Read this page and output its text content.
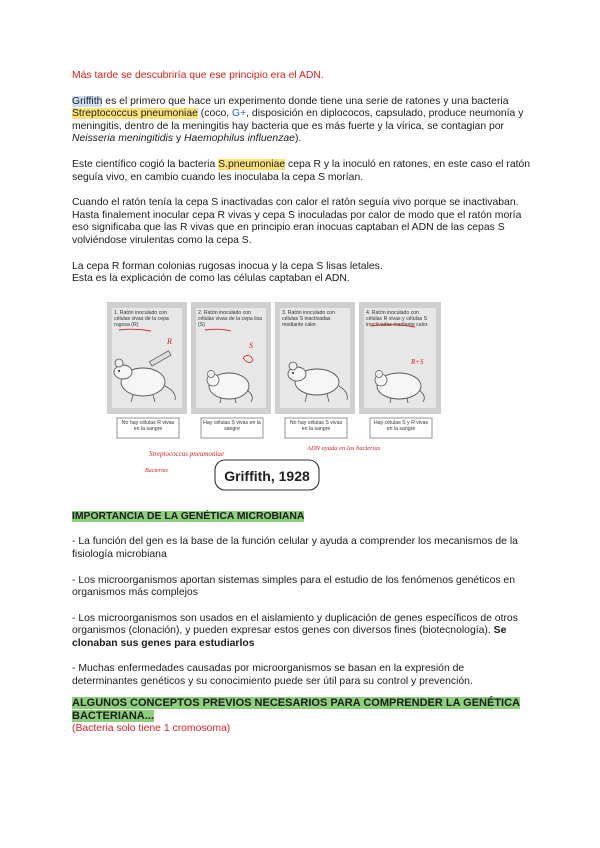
Más tarde se descubriría que ese principio era el ADN.

Griffith es el primero que hace un experimento donde tiene una serie de ratones y una bacteria Streptococcus pneumoniae (coco, G+, disposición en diplococos, capsulado, produce neumonía y meningitis, dentro de la meningitis hay bacteria que es más fuerte y la vírica, se contagian por Neisseria meningitidis y Haemophilus influenzae).

Este científico cogió la bacteria S.pneumoniae cepa R y la inoculó en ratones, en este caso el ratón seguía vivo, en cambio cuando les inoculaba la cepa S morían.

Cuando el ratón tenía la cepa S inactivadas con calor el ratón seguía vivo porque se inactivaban.

Hasta finalement inocular cepa R vivas y cepa S inoculadas por calor de modo que el ratón moría eso significaba que las R vivas que en principio eran inocuas captaban el ADN de las cepas S volviéndose virulentas como la cepa S.

La cepa R forman colonias rugosas inocua y la cepa S lisas letales.

Esta es la explicación de como las células captaban el ADN.

1. Ratón inoculado con células vivas de la cepa rugosa (R)
2. Ratón inoculado con células vivas de la cepa lisa (S)
3. Ratón inoculado con células S inactivadas mediante calor.
4. Ratón inoculado con células R vivas y células S inactivadas mediante calor.
R	S
R+S
No hay células R vivas en la sangre
Hay células S vivas en la sangre
No hay células S vivas en la sangre
Hay células S y R vivas en la sangre
Streptococcus pneumoniae
Bacterias
ADN ayuda en las bacterias
Griffith, 1928

IMPORTANCIA DE LA GENÉTICA MICROBIANA

- La función del gen es la base de la función celular y ayuda a comprender los mecanismos de la fisiología microbiana

- Los microorganismos aportan sistemas simples para el estudio de los fenómenos genéticos en organismos más complejos

- Los microorganismos son usados en el aislamiento y duplicación de genes específicos de otros organismos (clonación), y pueden expresar estos genes con diversos fines (biotecnología). Se clonaban sus genes para estudiarlos

- Muchas enfermedades causadas por microorganismos se basan en la expresión de determinantes genéticos y su conocimiento puede ser útil para su control y prevención.

ALGUNOS CONCEPTOS PREVIOS NECESARIOS PARA COMPRENDER LA GENÉTICA BACTERIANA...

(Bacteria solo tiene 1 cromosoma)
